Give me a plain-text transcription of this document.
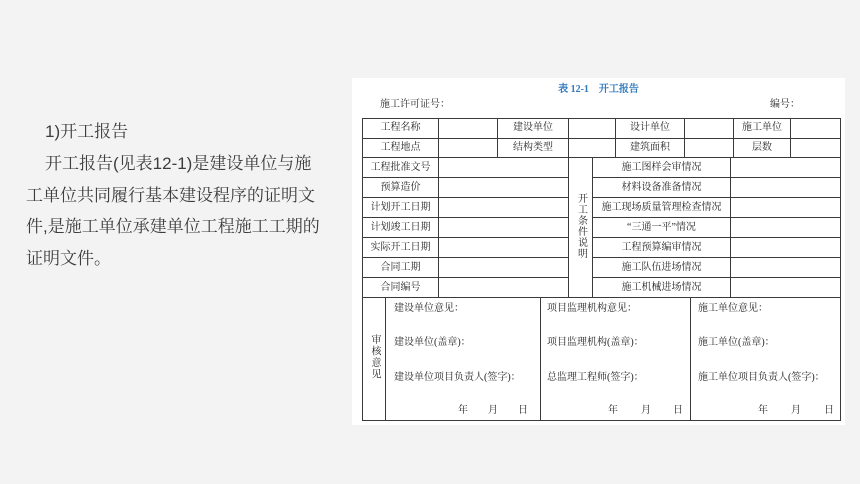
1)开工报告
开工报告(见表12-1)是建设单位与施
工单位共同履行基本建设程序的证明文
件,是施工单位承建单位工程施工工期的
证明文件。
表 12-1　开工报告
施工许可证号：	编号：
工程名称		建设单位		设计单位		施工单位	
工程地点		结构类型		建筑面积		层数	
工程批准文号		开工条件说明	施工图样会审情况	
预算造价			材料设备准备情况	
计划开工日期			施工现场质量管理检查情况	
计划竣工日期			“三通一平”情况	
实际开工日期			工程预算编审情况	
合同工期			施工队伍进场情况	
合同编号			施工机械进场情况	
审核意见	
建设单位意见：
建设单位(盖章)：
建设单位项目负责人(签字)：
年 月 日

项目监理机构意见：
项目监理机构(盖章)：
总监理工程师(签字)：
年 月 日

施工单位意见：
施工单位(盖章)：
施工单位项目负责人(签字)：
年 月 日
